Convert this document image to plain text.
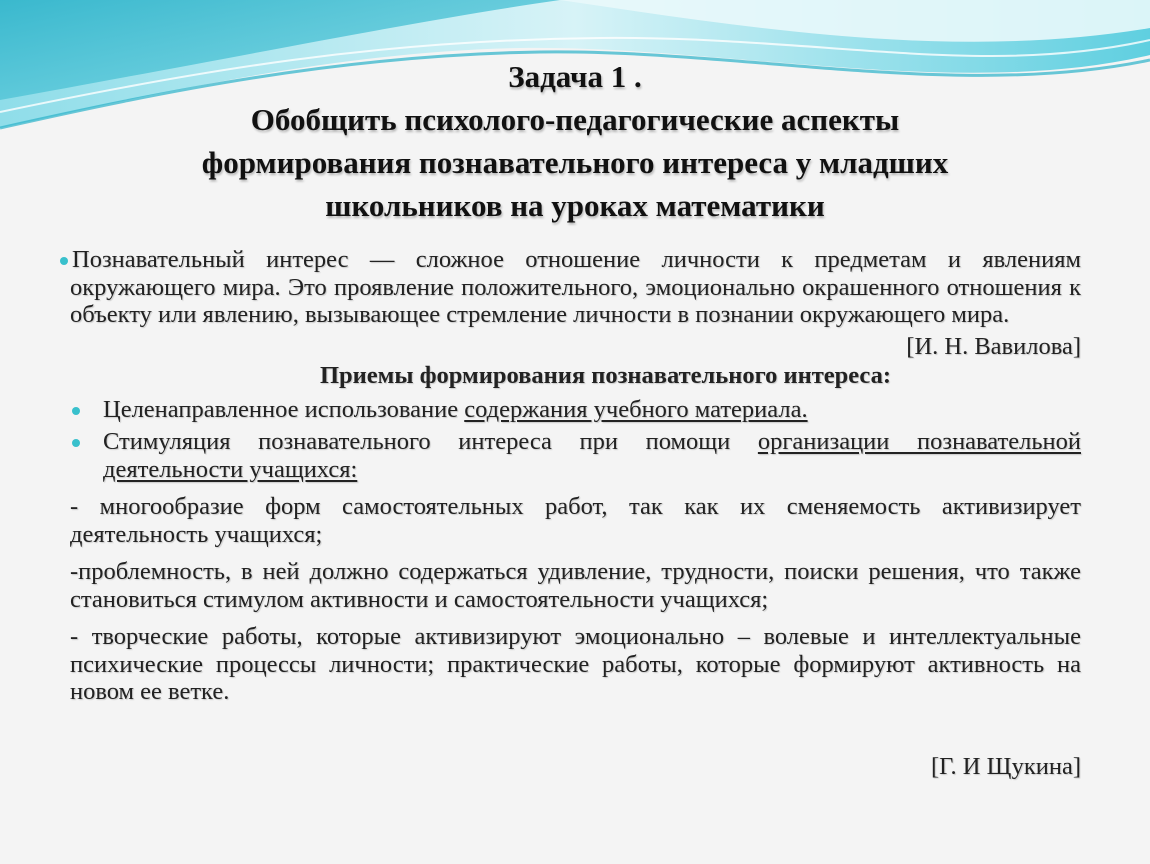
Задача 1 .
Обобщить психолого-педагогические аспекты
формирования познавательного интереса у младших
школьников на уроках математики

Познавательный интерес — сложное отношение личности к предметам и явлениям окружающего мира. Это проявление положительного, эмоционально окрашенного отношения к объекту или явлению, вызывающее стремление личности в познании окружающего мира.

[И. Н. Вавилова]

Приемы формирования познавательного интереса:

Целенаправленное использование содержания учебного материала.
Стимуляция познавательного интереса при помощи организации познавательной деятельности учащихся:

- многообразие форм самостоятельных работ, так как их сменяемость активизирует деятельность учащихся;

-проблемность, в ней должно содержаться удивление, трудности, поиски решения, что также становиться стимулом активности и самостоятельности учащихся;

- творческие работы, которые активизируют эмоционально – волевые и интеллектуальные психические процессы личности; практические работы, которые формируют активность на новом ее ветке.

[Г. И Щукина]
